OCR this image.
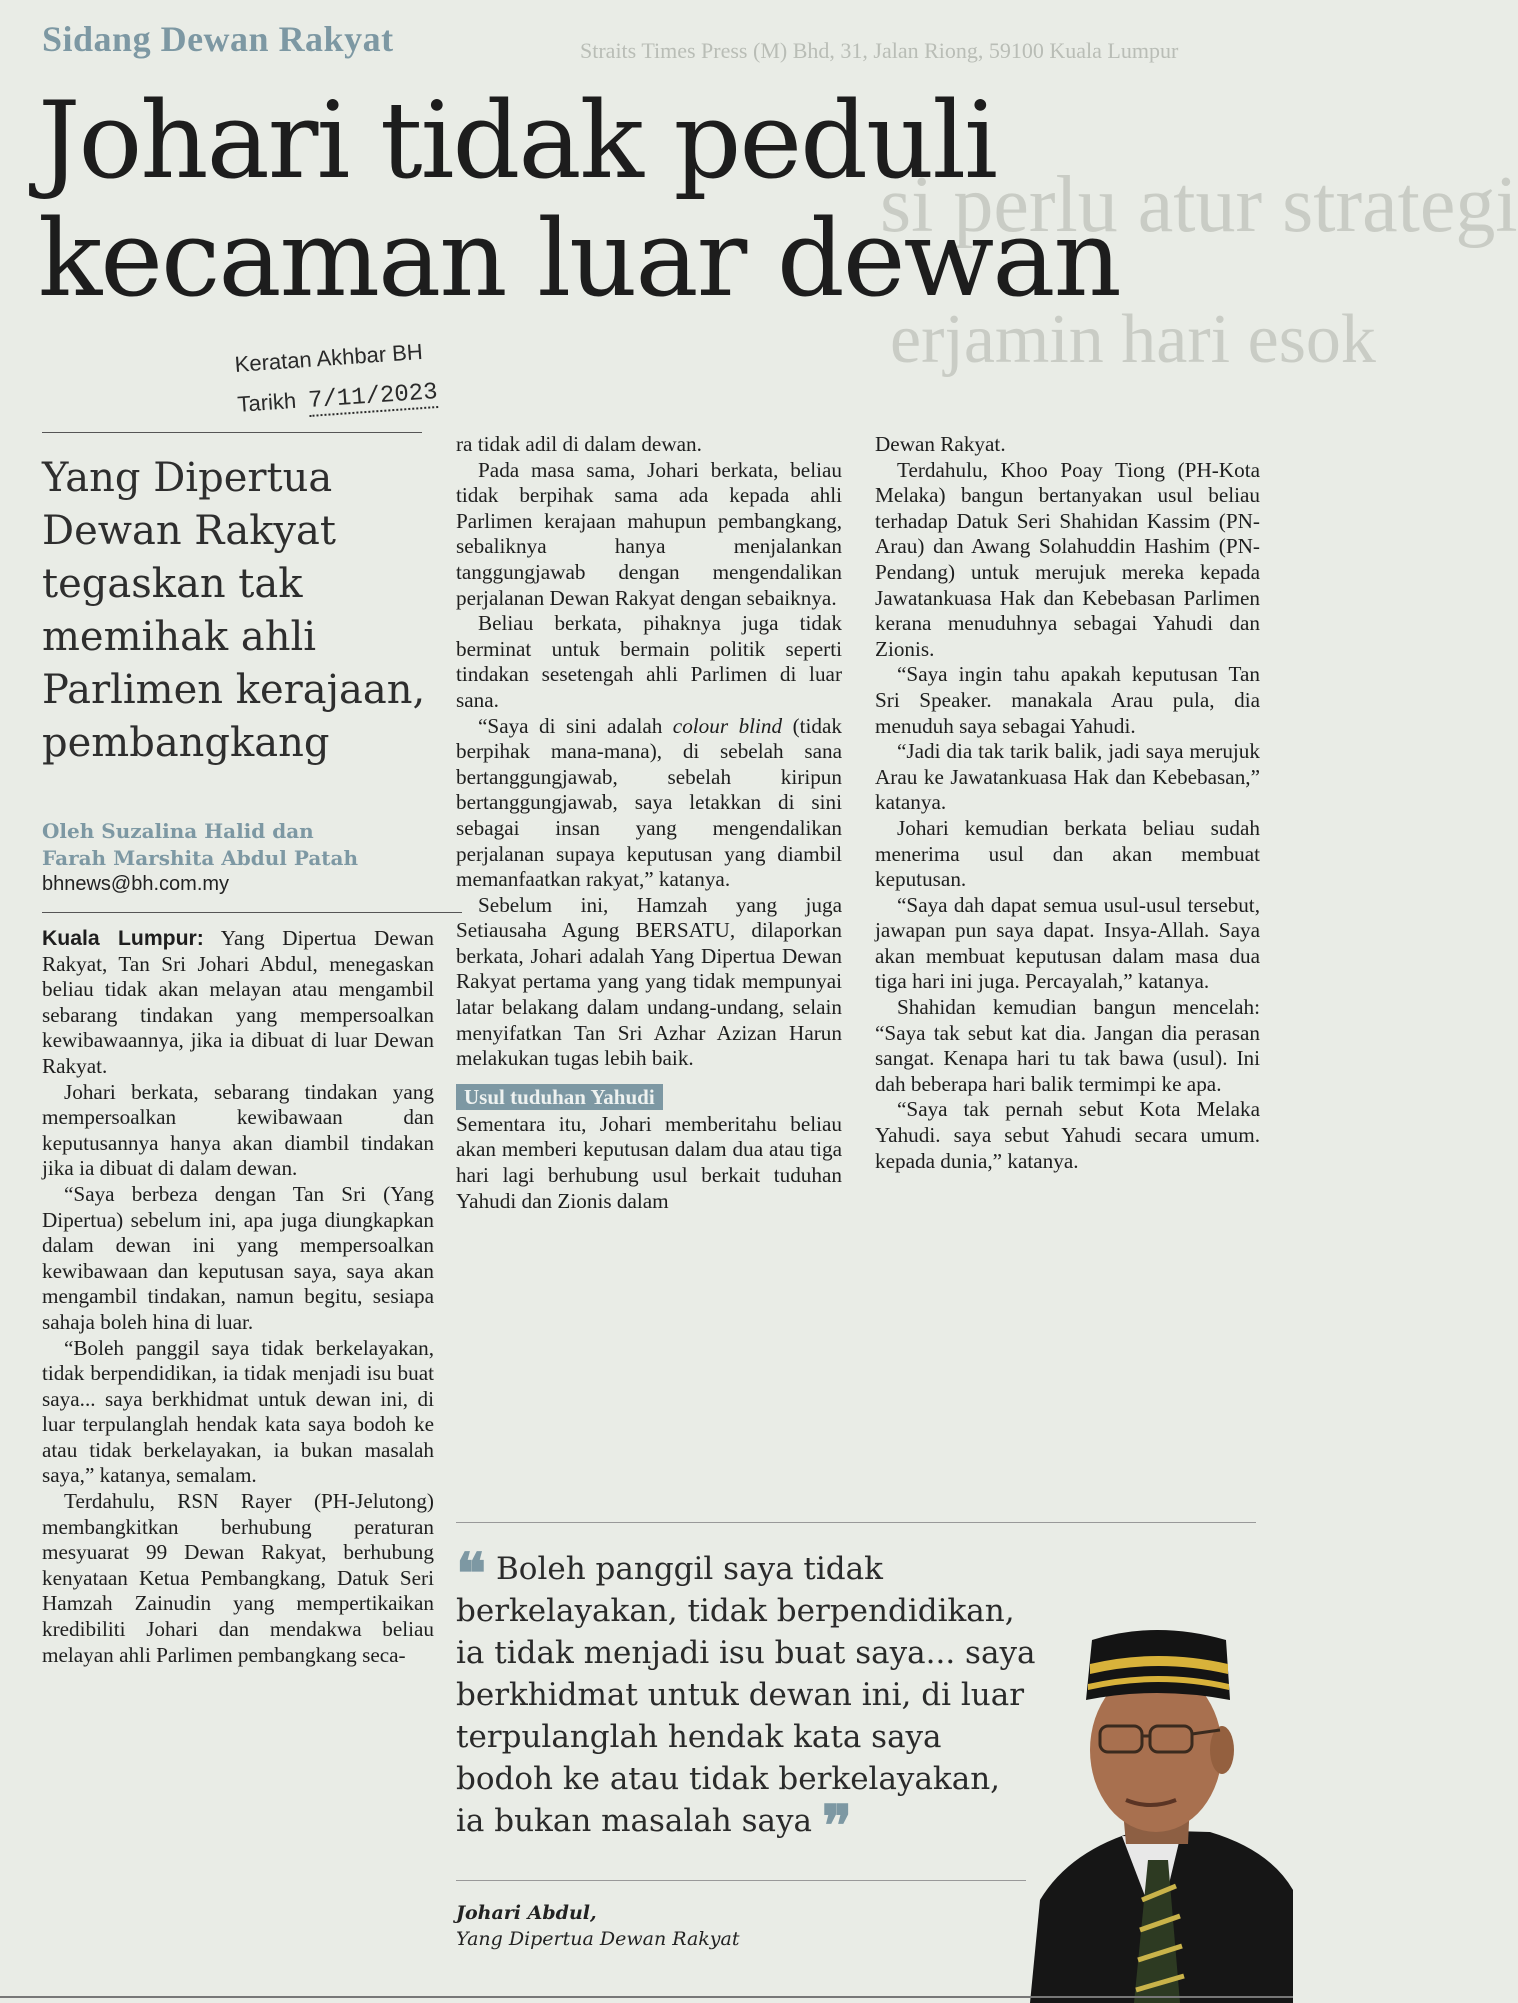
Straits Times Press (M) Bhd, 31, Jalan Riong, 59100 Kuala Lumpur
si perlu atur strategi
erjamin hari esok
Sidang Dewan Rakyat
Johari tidak peduli
kecaman luar dewan
Keratan Akhbar BH
Tarikh 7/11/2023
Yang Dipertua Dewan Rakyat tegaskan tak memihak ahli Parlimen kerajaan, pembangkang
Oleh Suzalina Halid dan
Farah Marshita Abdul Patah
bhnews@bh.com.my

Kuala Lumpur: Yang Dipertua Dewan Rakyat, Tan Sri Johari Abdul, menegaskan beliau tidak akan melayan atau mengambil sebarang tindakan yang mempersoalkan kewibawaannya, jika ia dibuat di luar Dewan Rakyat.

Johari berkata, sebarang tindakan yang mempersoalkan kewibawaan dan keputusannya hanya akan diambil tindakan jika ia dibuat di dalam dewan.

“Saya berbeza dengan Tan Sri (Yang Dipertua) sebelum ini, apa juga diungkapkan dalam dewan ini yang mempersoalkan kewibawaan dan keputusan saya, saya akan mengambil tindakan, namun begitu, sesiapa sahaja boleh hina di luar.

“Boleh panggil saya tidak berkelayakan, tidak berpendidikan, ia tidak menjadi isu buat saya... saya berkhidmat untuk dewan ini, di luar terpulanglah hendak kata saya bodoh ke atau tidak berkelayakan, ia bukan masalah saya,” katanya, semalam.

Terdahulu, RSN Rayer (PH-Jelutong) membangkitkan berhubung peraturan mesyuarat 99 Dewan Rakyat, berhubung kenyataan Ketua Pembangkang, Datuk Seri Hamzah Zainudin yang mempertikaikan kredibiliti Johari dan mendakwa beliau melayan ahli Parlimen pembangkang seca-

ra tidak adil di dalam dewan.

Pada masa sama, Johari berkata, beliau tidak berpihak sama ada kepada ahli Parlimen kerajaan mahupun pembangkang, sebaliknya hanya menjalankan tanggungjawab dengan mengendalikan perjalanan Dewan Rakyat dengan sebaiknya.

Beliau berkata, pihaknya juga tidak berminat untuk bermain politik seperti tindakan sesetengah ahli Parlimen di luar sana.

“Saya di sini adalah colour blind (tidak berpihak mana-mana), di sebelah sana bertanggungjawab, sebelah kiripun bertanggungjawab, saya letakkan di sini sebagai insan yang mengendalikan perjalanan supaya keputusan yang diambil memanfaatkan rakyat,” katanya.

Sebelum ini, Hamzah yang juga Setiausaha Agung BERSATU, dilaporkan berkata, Johari adalah Yang Dipertua Dewan Rakyat pertama yang yang tidak mempunyai latar belakang dalam undang-undang, selain menyifatkan Tan Sri Azhar Azizan Harun melakukan tugas lebih baik.

Usul tuduhan Yahudi

Sementara itu, Johari memberitahu beliau akan memberi keputusan dalam dua atau tiga hari lagi berhubung usul berkait tuduhan Yahudi dan Zionis dalam

Dewan Rakyat.

Terdahulu, Khoo Poay Tiong (PH-Kota Melaka) bangun bertanyakan usul beliau terhadap Datuk Seri Shahidan Kassim (PN-Arau) dan Awang Solahuddin Hashim (PN-Pendang) untuk merujuk mereka kepada Jawatankuasa Hak dan Kebebasan Parlimen kerana menuduhnya sebagai Yahudi dan Zionis.

“Saya ingin tahu apakah keputusan Tan Sri Speaker. manakala Arau pula, dia menuduh saya sebagai Yahudi.

“Jadi dia tak tarik balik, jadi saya merujuk Arau ke Jawatankuasa Hak dan Kebebasan,” katanya.

Johari kemudian berkata beliau sudah menerima usul dan akan membuat keputusan.

“Saya dah dapat semua usul-usul tersebut, jawapan pun saya dapat. Insya-Allah. Saya akan membuat keputusan dalam masa dua tiga hari ini juga. Percayalah,” katanya.

Shahidan kemudian bangun mencelah: “Saya tak sebut kat dia. Jangan dia perasan sangat. Kenapa hari tu tak bawa (usul). Ini dah beberapa hari balik termimpi ke apa.

“Saya tak pernah sebut Kota Melaka Yahudi. saya sebut Yahudi secara umum. kepada dunia,” katanya.

❝ Boleh panggil saya tidak berkelayakan, tidak berpendidikan, ia tidak menjadi isu buat saya... saya berkhidmat untuk dewan ini, di luar terpulanglah hendak kata saya bodoh ke atau tidak berkelayakan, ia bukan masalah saya ❞
Johari Abdul,
Yang Dipertua Dewan Rakyat
